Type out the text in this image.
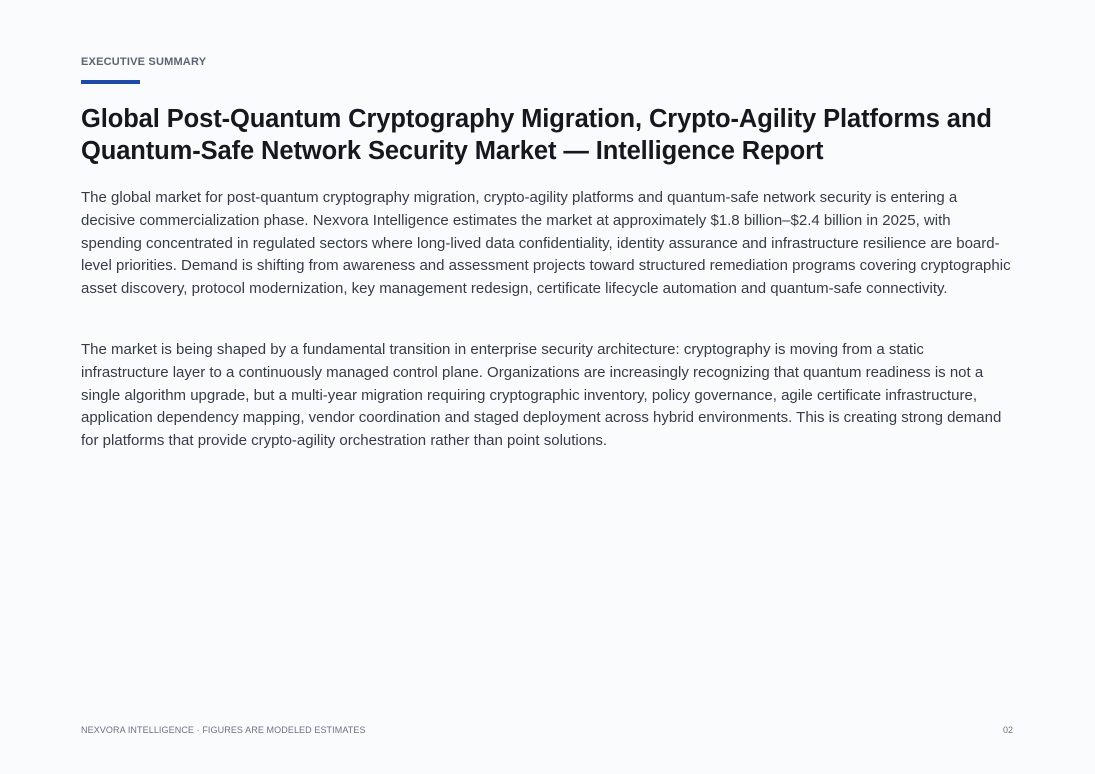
EXECUTIVE SUMMARY
Global Post-Quantum Cryptography Migration, Crypto-Agility Platforms and Quantum-Safe Network Security Market — Intelligence Report

The global market for post-quantum cryptography migration, crypto-agility platforms and quantum-safe network security is entering a decisive commercialization phase. Nexvora Intelligence estimates the market at approximately $1.8 billion–$2.4 billion in 2025, with spending concentrated in regulated sectors where long-lived data confidentiality, identity assurance and infrastructure resilience are board-level priorities. Demand is shifting from awareness and assessment projects toward structured remediation programs covering cryptographic asset discovery, protocol modernization, key management redesign, certificate lifecycle automation and quantum-safe connectivity.

The market is being shaped by a fundamental transition in enterprise security architecture: cryptography is moving from a static infrastructure layer to a continuously managed control plane. Organizations are increasingly recognizing that quantum readiness is not a single algorithm upgrade, but a multi-year migration requiring cryptographic inventory, policy governance, agile certificate infrastructure, application dependency mapping, vendor coordination and staged deployment across hybrid environments. This is creating strong demand for platforms that provide crypto-agility orchestration rather than point solutions.

NEXVORA INTELLIGENCE · FIGURES ARE MODELED ESTIMATES	02
